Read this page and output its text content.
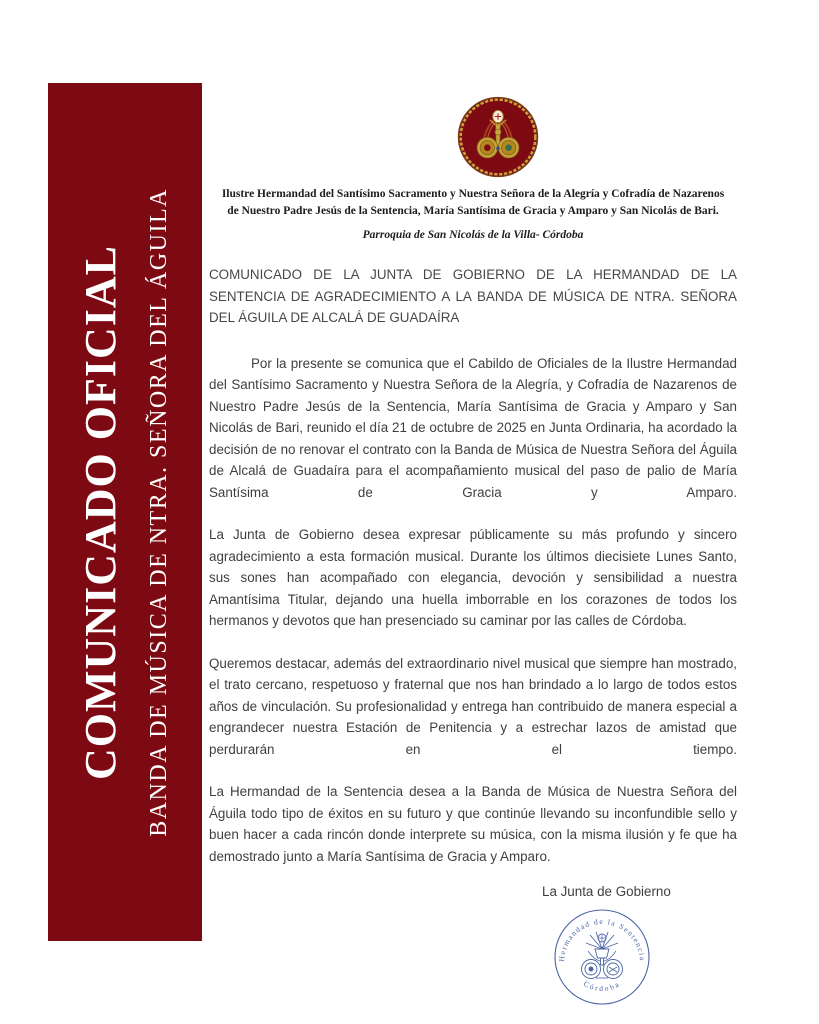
COMUNICADO OFICIAL BANDA DE MÚSICA DE NTRA. SEÑORA DEL ÁGUILA	Ilustre Hermandad del Santísimo Sacramento y Nuestra Señora de la Alegría y Cofradía de Nazarenos de Nuestro Padre Jesús de la Sentencia, María Santísima de Gracia y Amparo y San Nicolás de Bari.
Parroquia de San Nicolás de la Villa- Córdoba
COMUNICADO DE LA JUNTA DE GOBIERNO DE LA HERMANDAD DE LA SENTENCIA DE AGRADECIMIENTO A LA BANDA DE MÚSICA DE NTRA. SEÑORA DEL ÁGUILA DE ALCALÁ DE GUADAÍRA
Por la presente se comunica que el Cabildo de Oficiales de la Ilustre Hermandad del Santísimo Sacramento y Nuestra Señora de la Alegría, y Cofradía de Nazarenos de Nuestro Padre Jesús de la Sentencia, María Santísima de Gracia y Amparo y San Nicolás de Bari, reunido el día 21 de octubre de 2025 en Junta Ordinaria, ha acordado la decisión de no renovar el contrato con la Banda de Música de Nuestra Señora del Águila de Alcalá de Guadaíra para el acompañamiento musical del paso de palio de María Santísima de Gracia y Amparo.
La Junta de Gobierno desea expresar públicamente su más profundo y sincero agradecimiento a esta formación musical. Durante los últimos diecisiete Lunes Santo, sus sones han acompañado con elegancia, devoción y sensibilidad a nuestra Amantísima Titular, dejando una huella imborrable en los corazones de todos los hermanos y devotos que han presenciado su caminar por las calles de Córdoba.
Queremos destacar, además del extraordinario nivel musical que siempre han mostrado, el trato cercano, respetuoso y fraternal que nos han brindado a lo largo de todos estos años de vinculación. Su profesionalidad y entrega han contribuido de manera especial a engrandecer nuestra Estación de Penitencia y a estrechar lazos de amistad que perdurarán en el tiempo.
La Hermandad de la Sentencia desea a la Banda de Música de Nuestra Señora del Águila todo tipo de éxitos en su futuro y que continúe llevando su inconfundible sello y buen hacer a cada rincón donde interprete su música, con la misma ilusión y fe que ha demostrado junto a María Santísima de Gracia y Amparo.
La Junta de Gobierno
Hermandad de la Sentencia
Córdoba
